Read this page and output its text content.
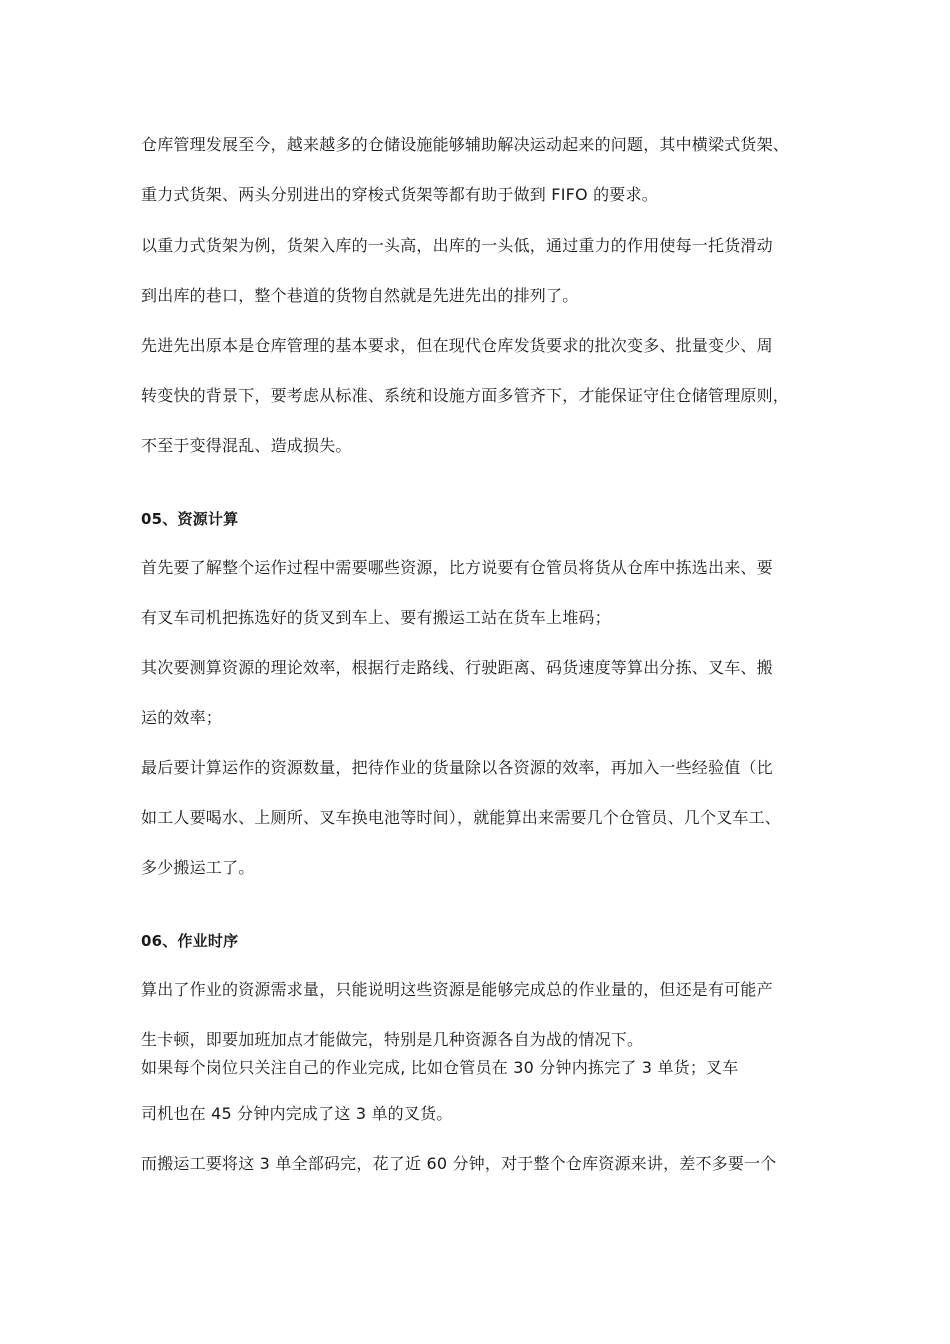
仓库管理发展至今，越来越多的仓储设施能够辅助解决运动起来的问题，其中横梁式货架、
重力式货架、两头分别进出的穿梭式货架等都有助于做到 FIFO 的要求。
以重力式货架为例，货架入库的一头高，出库的一头低，通过重力的作用使每一托货滑动
到出库的巷口，整个巷道的货物自然就是先进先出的排列了。
先进先出原本是仓库管理的基本要求，但在现代仓库发货要求的批次变多、批量变少、周
转变快的背景下，要考虑从标准、系统和设施方面多管齐下，才能保证守住仓储管理原则，
不至于变得混乱、造成损失。
05、资源计算
首先要了解整个运作过程中需要哪些资源，比方说要有仓管员将货从仓库中拣选出来、要
有叉车司机把拣选好的货叉到车上、要有搬运工站在货车上堆码；
其次要测算资源的理论效率，根据行走路线、行驶距离、码货速度等算出分拣、叉车、搬
运的效率；
最后要计算运作的资源数量，把待作业的货量除以各资源的效率，再加入一些经验值（比
如工人要喝水、上厕所、叉车换电池等时间），就能算出来需要几个仓管员、几个叉车工、
多少搬运工了。
06、作业时序
算出了作业的资源需求量，只能说明这些资源是能够完成总的作业量的，但还是有可能产
生卡顿，即要加班加点才能做完，特别是几种资源各自为战的情况下。
如果每个岗位只关注自己的作业完成, 比如仓管员在 30 分钟内拣完了 3 单货；叉车
司机也在 45 分钟内完成了这 3 单的叉货。
而搬运工要将这 3 单全部码完，花了近 60 分钟，对于整个仓库资源来讲，差不多要一个
